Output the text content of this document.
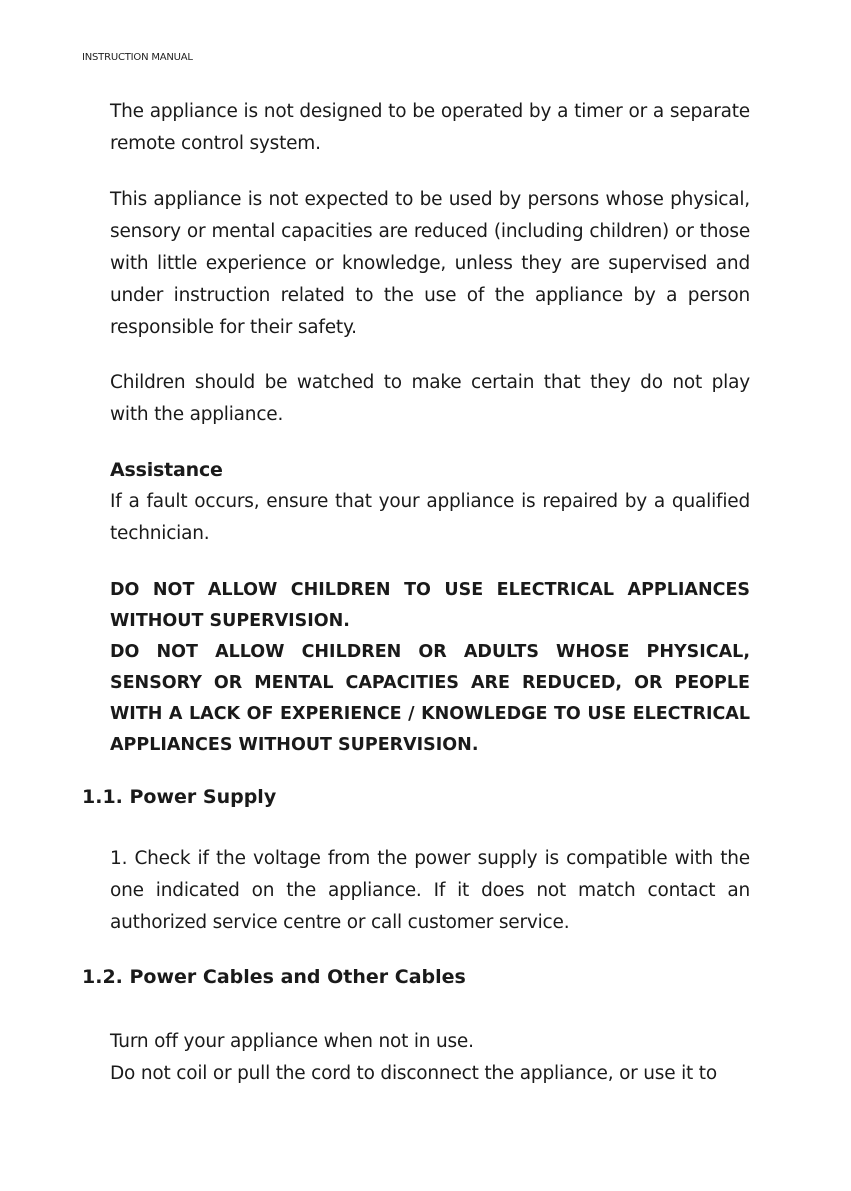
INSTRUCTION MANUAL

The appliance is not designed to be operated by a timer or a separate remote control system.

This appliance is not expected to be used by persons whose physical, sensory or mental capacities are reduced (including children) or those with little experience or knowledge, unless they are supervised and under instruction related to the use of the appliance by a person responsible for their safety.

Children should be watched to make certain that they do not play with the appliance.

Assistance

If a fault occurs, ensure that your appliance is repaired by a qualified technician.

DO NOT ALLOW CHILDREN TO USE ELECTRICAL APPLIANCES WITHOUT SUPERVISION.

DO NOT ALLOW CHILDREN OR ADULTS WHOSE PHYSICAL, SENSORY OR MENTAL CAPACITIES ARE REDUCED, OR PEOPLE WITH A LACK OF EXPERIENCE / KNOWLEDGE TO USE ELECTRICAL APPLIANCES WITHOUT SUPERVISION.

1.1. Power Supply

1. Check if the voltage from the power supply is compatible with the one indicated on the appliance. If it does not match contact an authorized service centre or call customer service.

1.2. Power Cables and Other Cables

Turn off your appliance when not in use.

Do not coil or pull the cord to disconnect the appliance, or use it to
